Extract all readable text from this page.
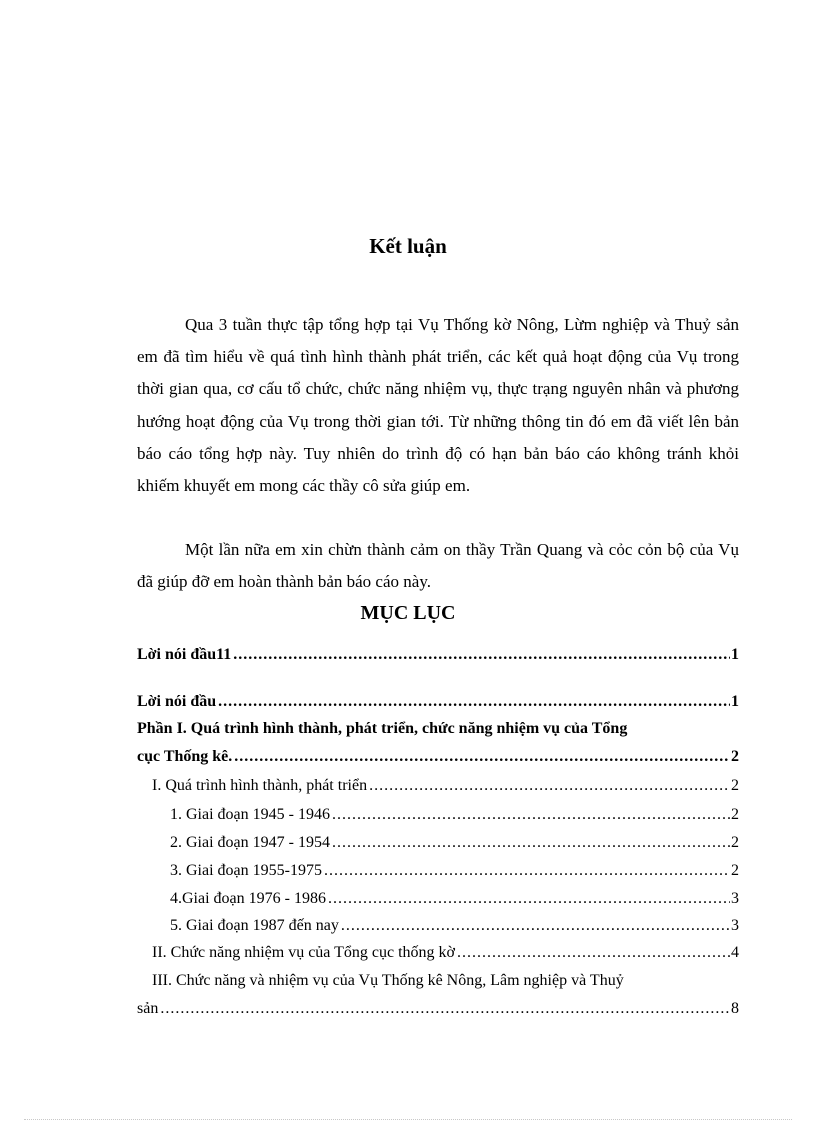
Kết luận

Qua 3 tuần thực tập tổng hợp tại Vụ Thống kờ Nông, Lừm nghiệp và Thuỷ sản em đã tìm hiểu về quá tình hình thành phát triển, các kết quả hoạt động của Vụ trong thời gian qua, cơ cấu tổ chức, chức năng nhiệm vụ, thực trạng nguyên nhân và phương hướng hoạt động của Vụ trong thời gian tới. Từ những thông tin đó em đã viết lên bản báo cáo tổng hợp này. Tuy nhiên do trình độ có hạn bản báo cáo không tránh khỏi khiếm khuyết em mong các thầy cô sửa giúp em.

Một lần nữa em xin chừn thành cảm on thầy Trần Quang và cỏc cỏn bộ của Vụ đã giúp đỡ em hoàn thành bản báo cáo này.

MỤC LỤC
Lời nói đầu11 .....	1
Lời nói đầu .....	1
Phần I. Quá trình hình thành, phát triển, chức năng nhiệm vụ của Tổng
cục Thống kê. .....	2
I. Quá trình hình thành, phát triển .....	2
1. Giai đoạn 1945 - 1946 .....	2
2. Giai đoạn 1947 - 1954 .....	2
3. Giai đoạn 1955-1975 .....	2
4.Giai đoạn 1976 - 1986 .....	3
5. Giai đoạn 1987 đến nay .....	3
II. Chức năng nhiệm vụ của Tổng cục thống kờ .....	4
III. Chức năng và nhiệm vụ của Vụ Thống kê Nông, Lâm nghiệp và Thuỷ
sản .....	8
